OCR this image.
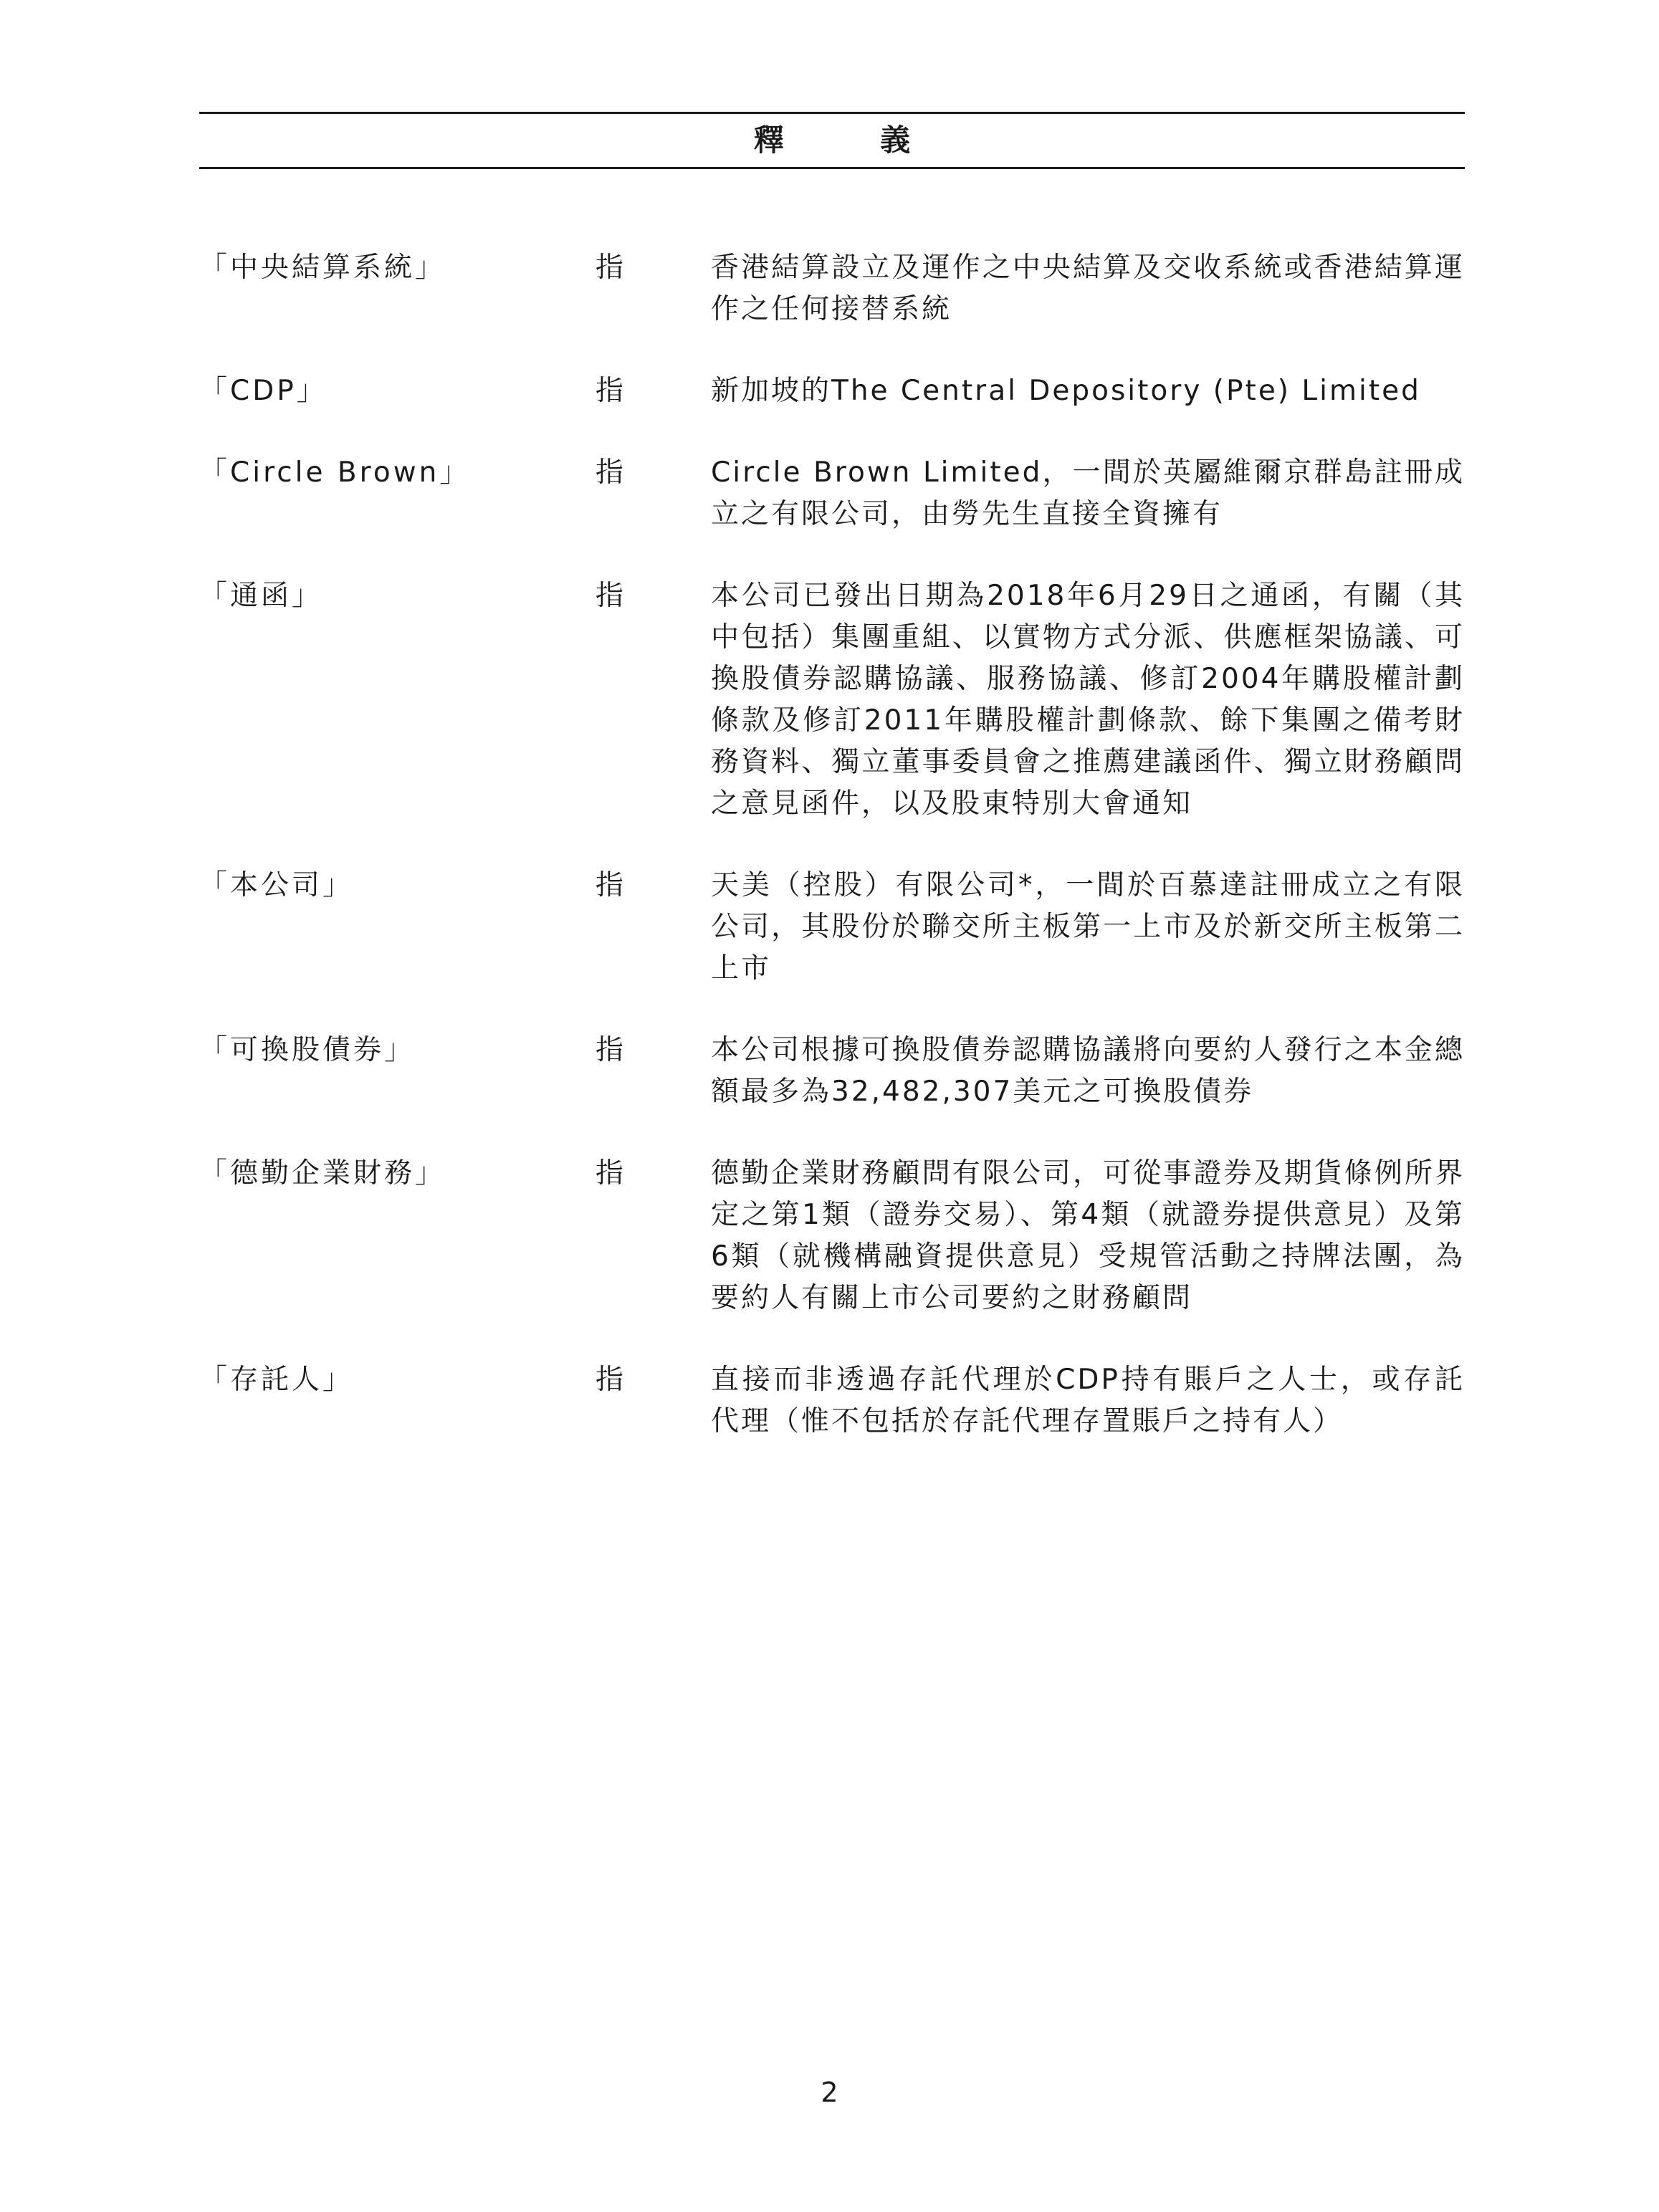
釋 義
「中央結算系統」	指	香港結算設立及運作之中央結算及交收系統或香港結算運作之任何接替系統
「CDP」	指	新加坡的The Central Depository (Pte) Limited
「Circle Brown」	指	Circle Brown Limited，一間於英屬維爾京群島註冊成立之有限公司，由勞先生直接全資擁有
「通函」	指	本公司已發出日期為2018年6月29日之通函，有關（其中包括）集團重組、以實物方式分派、供應框架協議、可換股債券認購協議、服務協議、修訂2004年購股權計劃條款及修訂2011年購股權計劃條款、餘下集團之備考財務資料、獨立董事委員會之推薦建議函件、獨立財務顧問之意見函件，以及股東特別大會通知
「本公司」	指	天美（控股）有限公司*，一間於百慕達註冊成立之有限公司，其股份於聯交所主板第一上市及於新交所主板第二上市
「可換股債券」	指	本公司根據可換股債券認購協議將向要約人發行之本金總額最多為32,482,307美元之可換股債券
「德勤企業財務」	指	德勤企業財務顧問有限公司，可從事證券及期貨條例所界定之第1類（證券交易）、第4類（就證券提供意見）及第6類（就機構融資提供意見）受規管活動之持牌法團，為要約人有關上市公司要約之財務顧問
「存託人」	指	直接而非透過存託代理於CDP持有賬戶之人士，或存託代理（惟不包括於存託代理存置賬戶之持有人）
2
